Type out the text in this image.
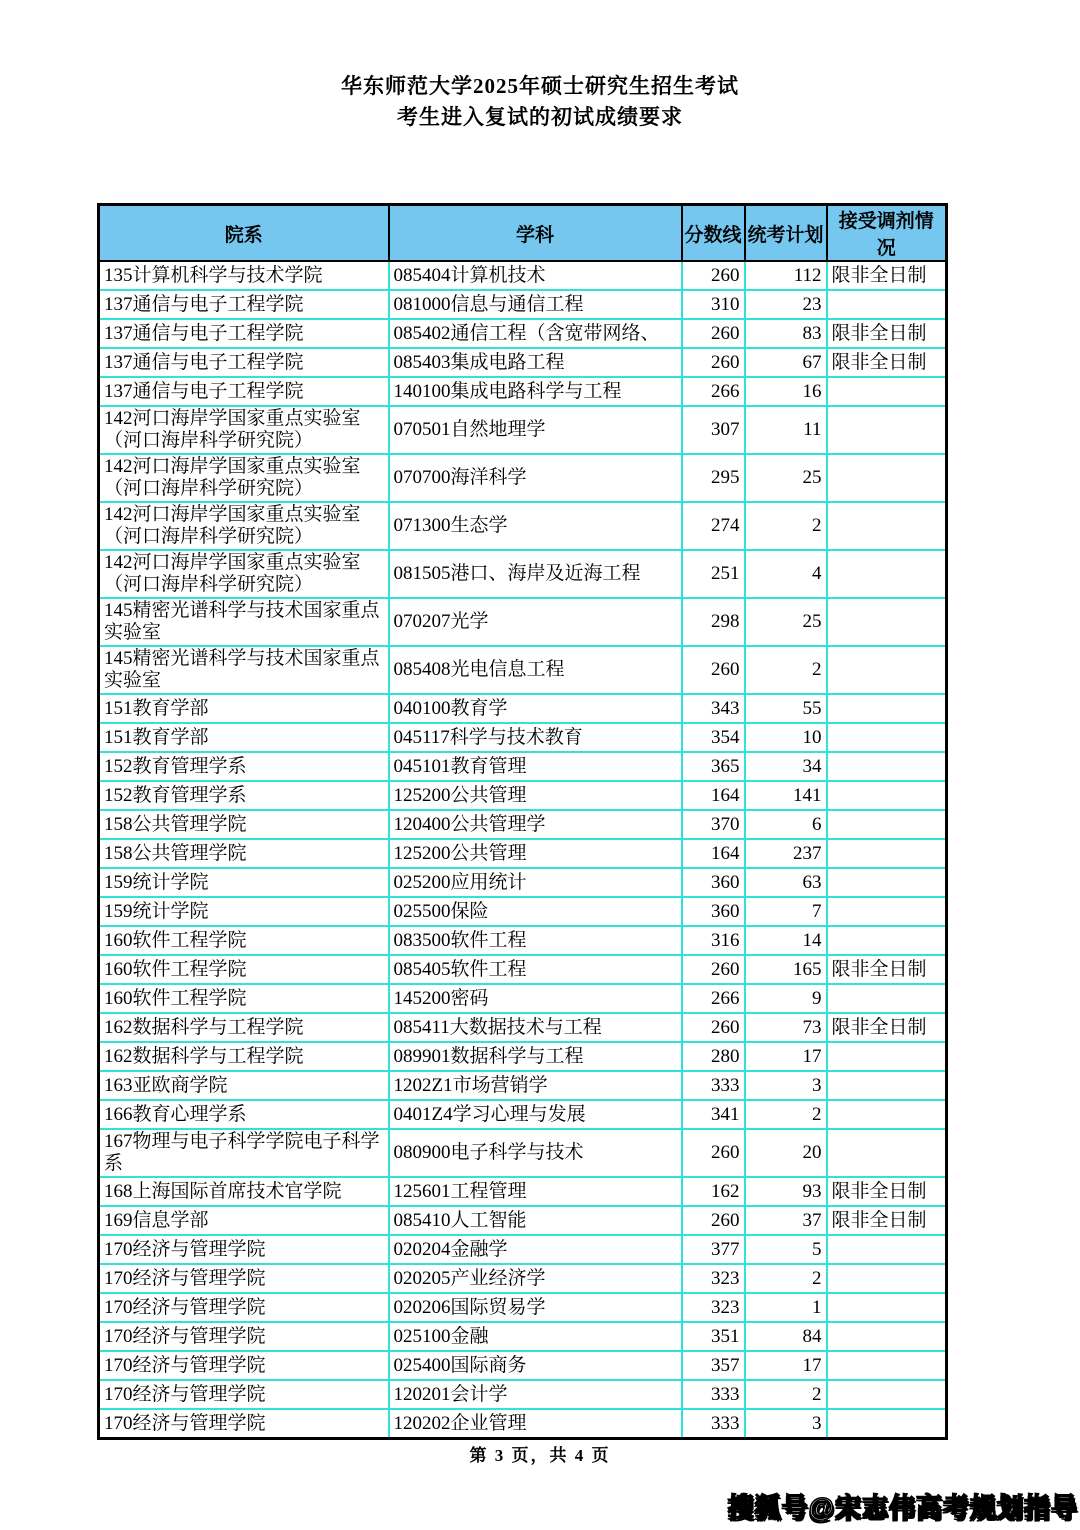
华东师范大学2025年硕士研究生招生考试
考生进入复试的初试成绩要求
院系	学科	分数线	统考计划	接受调剂情况
135计算机科学与技术学院	085404计算机技术	260	112	限非全日制
137通信与电子工程学院	081000信息与通信工程	310	23	
137通信与电子工程学院	085402通信工程（含宽带网络、	260	83	限非全日制
137通信与电子工程学院	085403集成电路工程	260	67	限非全日制
137通信与电子工程学院	140100集成电路科学与工程	266	16	
142河口海岸学国家重点实验室（河口海岸科学研究院）	070501自然地理学	307	11	
142河口海岸学国家重点实验室（河口海岸科学研究院）	070700海洋科学	295	25	
142河口海岸学国家重点实验室（河口海岸科学研究院）	071300生态学	274	2	
142河口海岸学国家重点实验室（河口海岸科学研究院）	081505港口、海岸及近海工程	251	4	
145精密光谱科学与技术国家重点实验室	070207光学	298	25	
145精密光谱科学与技术国家重点实验室	085408光电信息工程	260	2	
151教育学部	040100教育学	343	55	
151教育学部	045117科学与技术教育	354	10	
152教育管理学系	045101教育管理	365	34	
152教育管理学系	125200公共管理	164	141	
158公共管理学院	120400公共管理学	370	6	
158公共管理学院	125200公共管理	164	237	
159统计学院	025200应用统计	360	63	
159统计学院	025500保险	360	7	
160软件工程学院	083500软件工程	316	14	
160软件工程学院	085405软件工程	260	165	限非全日制
160软件工程学院	145200密码	266	9	
162数据科学与工程学院	085411大数据技术与工程	260	73	限非全日制
162数据科学与工程学院	089901数据科学与工程	280	17	
163亚欧商学院	1202Z1市场营销学	333	3	
166教育心理学系	0401Z4学习心理与发展	341	2	
167物理与电子科学学院电子科学系	080900电子科学与技术	260	20	
168上海国际首席技术官学院	125601工程管理	162	93	限非全日制
169信息学部	085410人工智能	260	37	限非全日制
170经济与管理学院	020204金融学	377	5	
170经济与管理学院	020205产业经济学	323	2	
170经济与管理学院	020206国际贸易学	323	1	
170经济与管理学院	025100金融	351	84	
170经济与管理学院	025400国际商务	357	17	
170经济与管理学院	120201会计学	333	2	
170经济与管理学院	120202企业管理	333	3	
第 3 页，共 4 页
搜狐号@宋志伟高考规划指导
